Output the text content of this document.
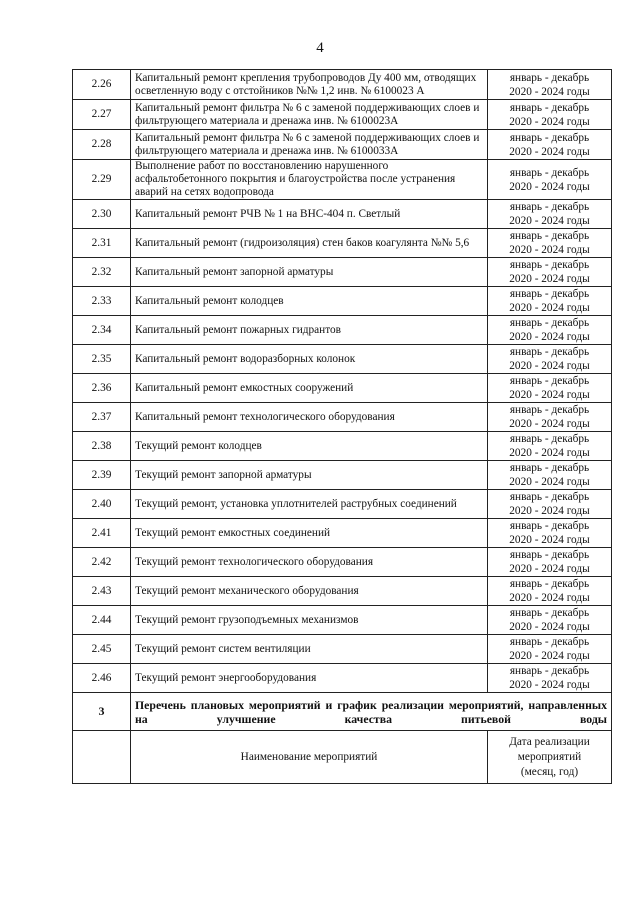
4
2.26	Капитальный ремонт крепления трубопроводов Ду 400 мм, отводящих осветленную воду с отстойников №№ 1,2 инв. № 6100023 А	январь - декабрь
2020 - 2024 годы

2.27	Капитальный ремонт фильтра № 6 с заменой поддерживающих слоев и фильтрующего материала и дренажа инв. № 6100023А	январь - декабрь
2020 - 2024 годы

2.28	Капитальный ремонт фильтра № 6 с заменой поддерживающих слоев и фильтрующего материала и дренажа инв. № 6100033А	январь - декабрь
2020 - 2024 годы

2.29	Выполнение работ по восстановлению нарушенного асфальтобетонного покрытия и благоустройства после устранения аварий на сетях водопровода	январь - декабрь
2020 - 2024 годы

2.30	Капитальный ремонт РЧВ № 1 на ВНС-404 п. Светлый	январь - декабрь
2020 - 2024 годы

2.31	Капитальный ремонт (гидроизоляция) стен баков коагулянта №№ 5,6	январь - декабрь
2020 - 2024 годы

2.32	Капитальный ремонт запорной арматуры	январь - декабрь
2020 - 2024 годы

2.33	Капитальный ремонт колодцев	январь - декабрь
2020 - 2024 годы

2.34	Капитальный ремонт пожарных гидрантов	январь - декабрь
2020 - 2024 годы

2.35	Капитальный ремонт водоразборных колонок	январь - декабрь
2020 - 2024 годы

2.36	Капитальный ремонт емкостных сооружений	январь - декабрь
2020 - 2024 годы

2.37	Капитальный ремонт технологического оборудования	январь - декабрь
2020 - 2024 годы

2.38	Текущий ремонт колодцев	январь - декабрь
2020 - 2024 годы

2.39	Текущий ремонт запорной арматуры	январь - декабрь
2020 - 2024 годы

2.40	Текущий ремонт, установка уплотнителей раструбных соединений	январь - декабрь
2020 - 2024 годы

2.41	Текущий ремонт емкостных соединений	январь - декабрь
2020 - 2024 годы

2.42	Текущий ремонт технологического оборудования	январь - декабрь
2020 - 2024 годы

2.43	Текущий ремонт механического оборудования	январь - декабрь
2020 - 2024 годы

2.44	Текущий ремонт грузоподъемных механизмов	январь - декабрь
2020 - 2024 годы

2.45	Текущий ремонт систем вентиляции	январь - декабрь
2020 - 2024 годы

2.46	Текущий ремонт энергооборудования	январь - декабрь
2020 - 2024 годы

3	Перечень плановых мероприятий и график реализации мероприятий, направленных на улучшение качества питьевой воды	
	Наименование мероприятий	Дата реализации
мероприятий
(месяц, год)
